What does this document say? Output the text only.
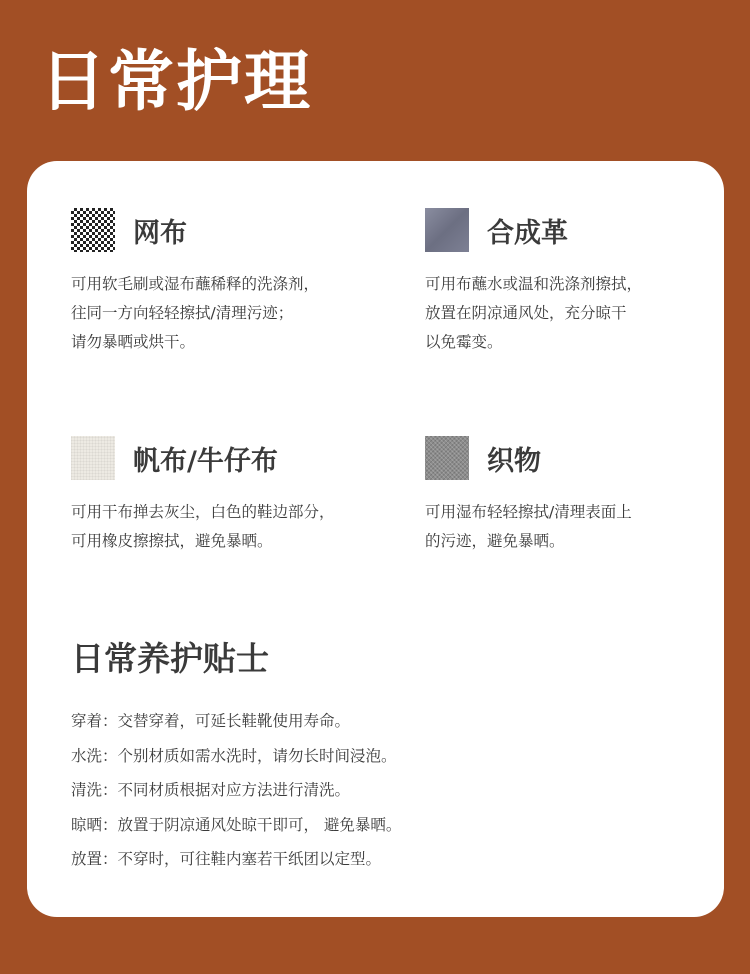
日常护理
网布
可用软毛刷或湿布蘸稀释的洗涤剂，
往同一方向轻轻擦拭/清理污迹；
请勿暴晒或烘干。
合成革
可用布蘸水或温和洗涤剂擦拭，
放置在阴凉通风处，充分晾干
以免霉变。
帆布/牛仔布
可用干布掸去灰尘，白色的鞋边部分，
可用橡皮擦擦拭，避免暴晒。
织物
可用湿布轻轻擦拭/清理表面上
的污迹，避免暴晒。
日常养护贴士
穿着：交替穿着，可延长鞋靴使用寿命。
水洗：个别材质如需水洗时，请勿长时间浸泡。
清洗：不同材质根据对应方法进行清洗。
晾晒：放置于阴凉通风处晾干即可， 避免暴晒。
放置：不穿时，可往鞋内塞若干纸团以定型。
